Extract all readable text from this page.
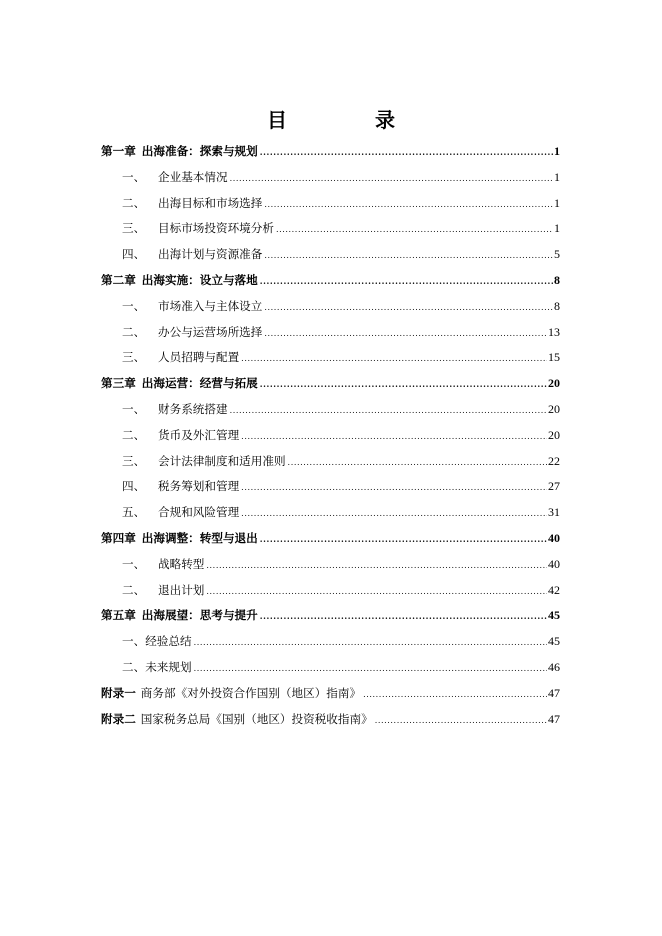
目　录
第一章 出海准备：探索与规划 .....	1
一、 企业基本情况 .....	1
二、 出海目标和市场选择 .....	1
三、 目标市场投资环境分析 .....	1
四、 出海计划与资源准备 .....	5
第二章 出海实施：设立与落地 .....	8
一、 市场准入与主体设立 .....	8
二、 办公与运营场所选择 .....	13
三、 人员招聘与配置 .....	15
第三章 出海运营：经营与拓展 .....	20
一、 财务系统搭建 .....	20
二、 货币及外汇管理 .....	20
三、 会计法律制度和适用准则 .....	22
四、 税务筹划和管理 .....	27
五、 合规和风险管理 .....	31
第四章 出海调整：转型与退出 .....	40
一、 战略转型 .....	40
二、 退出计划 .....	42
第五章 出海展望：思考与提升 .....	45
一、经验总结 .....	45
二、未来规划 .....	46
附录一 商务部《对外投资合作国别（地区）指南》 .....	47
附录二 国家税务总局《国别（地区）投资税收指南》 .....	47
